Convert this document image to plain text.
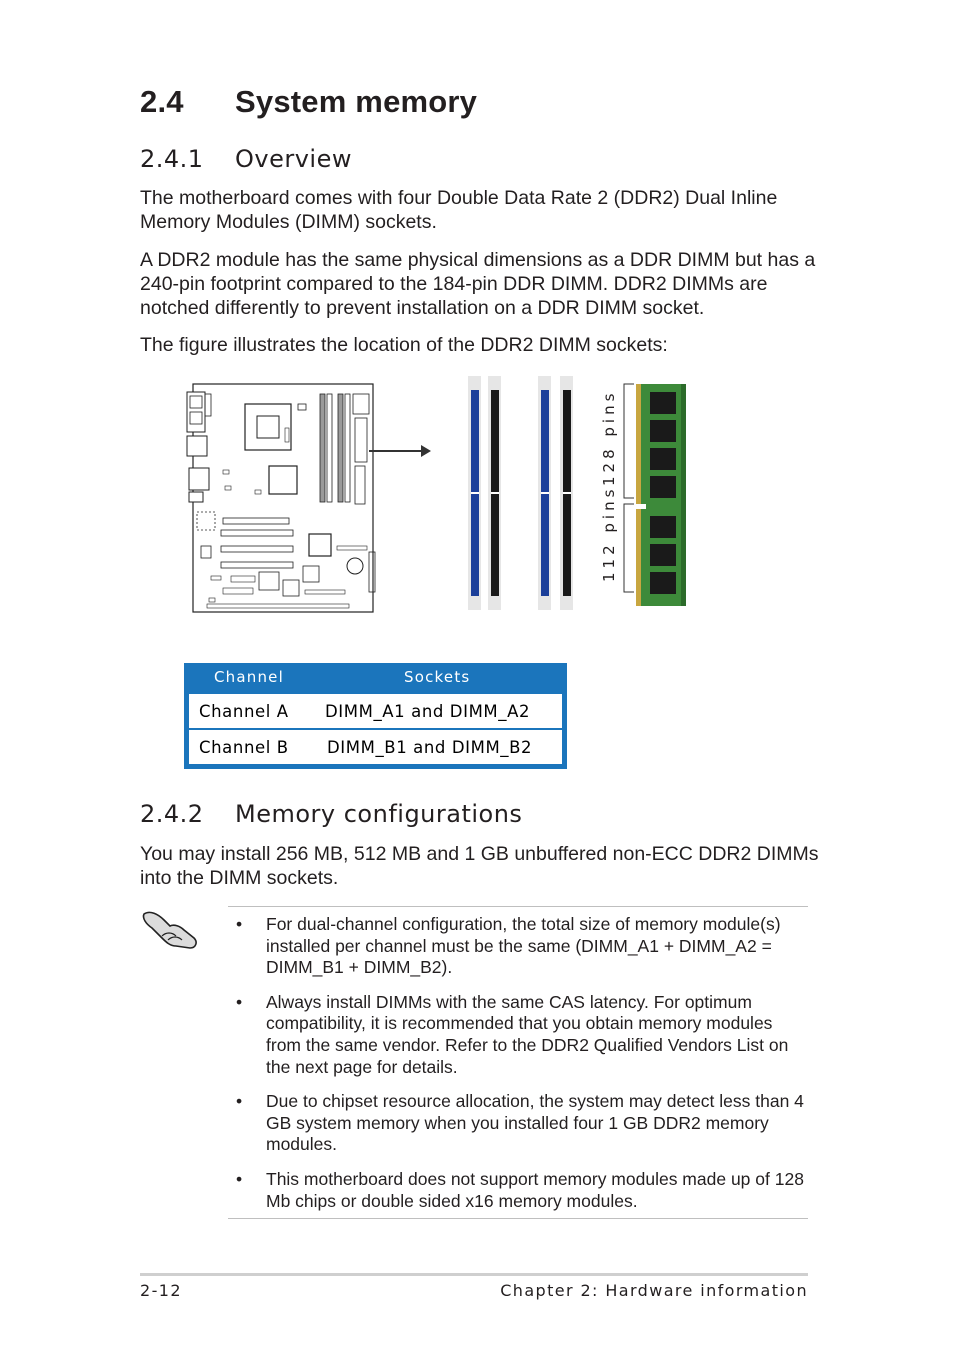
2.4 System memory
2.4.1 Overview

The motherboard comes with four Double Data Rate 2 (DDR2) Dual Inline Memory Modules (DIMM) sockets.

A DDR2 module has the same physical dimensions as a DDR DIMM but has a 240-pin footprint compared to the 184-pin DDR DIMM. DDR2 DIMMs are notched differently to prevent installation on a DDR DIMM socket.

The figure illustrates the location of the DDR2 DIMM sockets:

128 pins
112 pins
Channel	Sockets
Channel A DIMM_A1 and DIMM_A2
Channel B DIMM_B1 and DIMM_B2
2.4.2 Memory configurations

You may install 256 MB, 512 MB and 1 GB unbuffered non-ECC DDR2 DIMMs into the DIMM sockets.

• For dual-channel configuration, the total size of memory module(s) installed per channel must be the same (DIMM_A1 + DIMM_A2 = DIMM_B1 + DIMM_B2).
• Always install DIMMs with the same CAS latency. For optimum compatibility, it is recommended that you obtain memory modules from the same vendor. Refer to the DDR2 Qualified Vendors List on the next page for details.
• Due to chipset resource allocation, the system may detect less than 4 GB system memory when you installed four 1 GB DDR2 memory modules.
• This motherboard does not support memory modules made up of 128 Mb chips or double sided x16 memory modules.
2-12	Chapter 2: Hardware information
